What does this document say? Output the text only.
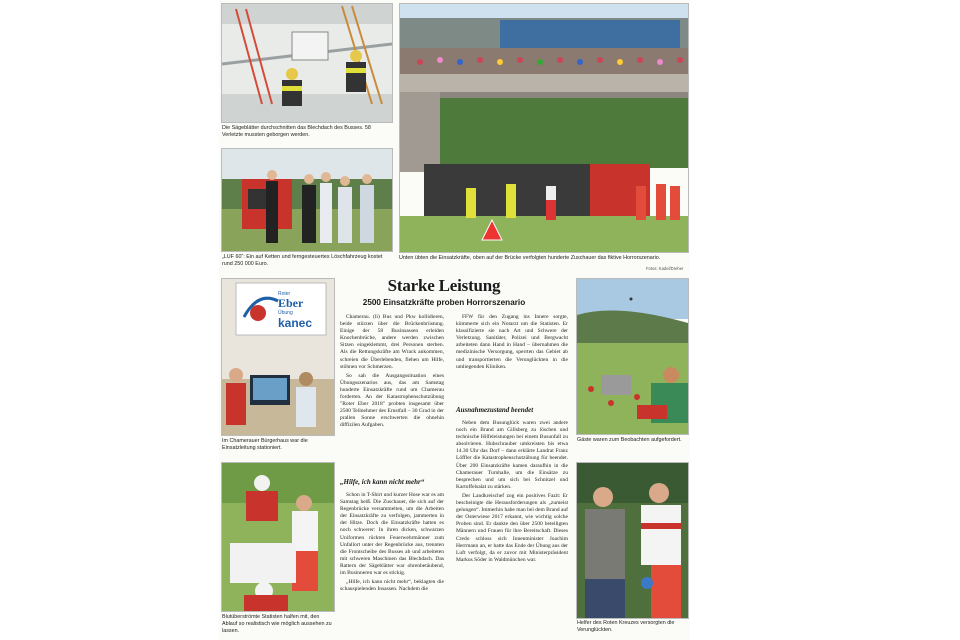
Die Sägeblätter durchschnitten das Blechdach des Busses. 58 Verletzte mussten geborgen werden.
„LUF 60“: Ein auf Ketten und ferngesteuertes Löschfahrzeug kostet rund 250 000 Euro.
Unten übten die Einsatzkräfte, oben auf der Brücke verfolgten hunderte Zuschauer das fiktive Horrorszenario.
Fotos: Kadel/Dreher
Starke Leistung
2500 Einsatzkräfte proben Horrorszenario
Roter
Eber
Übung
kanec
Im Chamerauer Bürgerhaus war die Einsatzleitung stationiert.
Blutüberströmte Statisten halfen mit, den Ablauf so realistisch wie möglich aussehen zu lassen.

Chamerau. (li) Bus und Pkw kollidieren, beide stürzen über die Brückenbrüstung. Einige der 58 Businsassen erleiden Knochenbrüche, andere werden zwischen Sitzen eingeklemmt, drei Personen sterben. Als die Rettungskräfte am Wrack ankommen, schreien die Überlebenden, flehen um Hilfe, stöhnen vor Schmerzen.

So sah die Ausgangssituation eines Übungsszenarios aus, das am Samstag hunderte Einsatzkräfte rund um Chamerau forderten. An der Katastrophenschutzübung "Roter Eber 2018" probten insgesamt über 2500 Teilnehmer des Ernstfall – 30 Grad in der prallen Sonne erschwerten die ohnehin diffizilen Aufgaben.

„Hilfe, ich kann nicht mehr“

Schon in T-Shirt und kurzer Hose war es am Samstag heiß. Die Zuschauer, die sich auf der Regenbrücke versammelten, um die Arbeiten der Einsatzkräfte zu verfolgen, jammerten in der Hitze. Doch die Einsatzkräfte hatten es noch schwerer: In ihren dicken, schwarzen Uniformen rückten Feuerwehrmänner zum Unfallort unter der Regenbrücke aus, trennten die Frontscheibe des Busses ab und arbeiteten mit schweren Maschinen das Blechdach. Das Rattern der Sägeblätter war ohrenbetäubend, im Businneren war es stickig.

„Hilfe, ich kann nicht mehr“, beklagten die schauspielenden Insassen. Nachdem die

FFW für den Zugang ins Innere sorgte, kümmerte sich ein Notarzt um die Statisten. Er klassifizierte sie nach Art und Schwere der Verletzung. Sanitäter, Polizei und Bergwacht arbeiteten dann Hand in Hand – übernahmen die medizinische Versorgung, sperrten das Gebiet ab und transportierten die Verunglückten in die umliegenden Kliniken.

Ausnahmezustand beendet

Neben dem Busunglück waren zwei andere noch ein Brand am Gillsberg zu löschen und technische Hilfeleistungen bei einem Busunfall zu absolvieren. Hubschrauber umkreisten bis etwa 14.30 Uhr das Dorf – dann erklärte Landrat Franz Löffler die Katastrophenschutzübung für beendet. Über 200 Einsatzkräfte kamen daraufhin in die Chamerauer Turnhalle, um die Einsätze zu besprechen und um sich bei Schnitzel und Kartoffelsalat zu stärken.

Der Landkreischef zog ein positives Fazit: Er bescheinigte die Herausforderungen als „zumeist gelungen“. Immerhin habe man bei dem Brand auf der Osterwiese 2017 erkannt, wie wichtig solche Proben sind. Er dankte den über 2500 beteiligten Männern und Frauen für ihre Bereitschaft. Dieses Credo schloss sich Innenminister Joachim Herrmann an, er hatte das Ende der Übung aus der Luft verfolgt, da er zuvor mit Ministerpräsident Markus Söder in Waldmünchen war.

Gäste waren zum Beobachten aufgefordert.
Helfer des Roten Kreuzes versorgten die Verunglückten.
